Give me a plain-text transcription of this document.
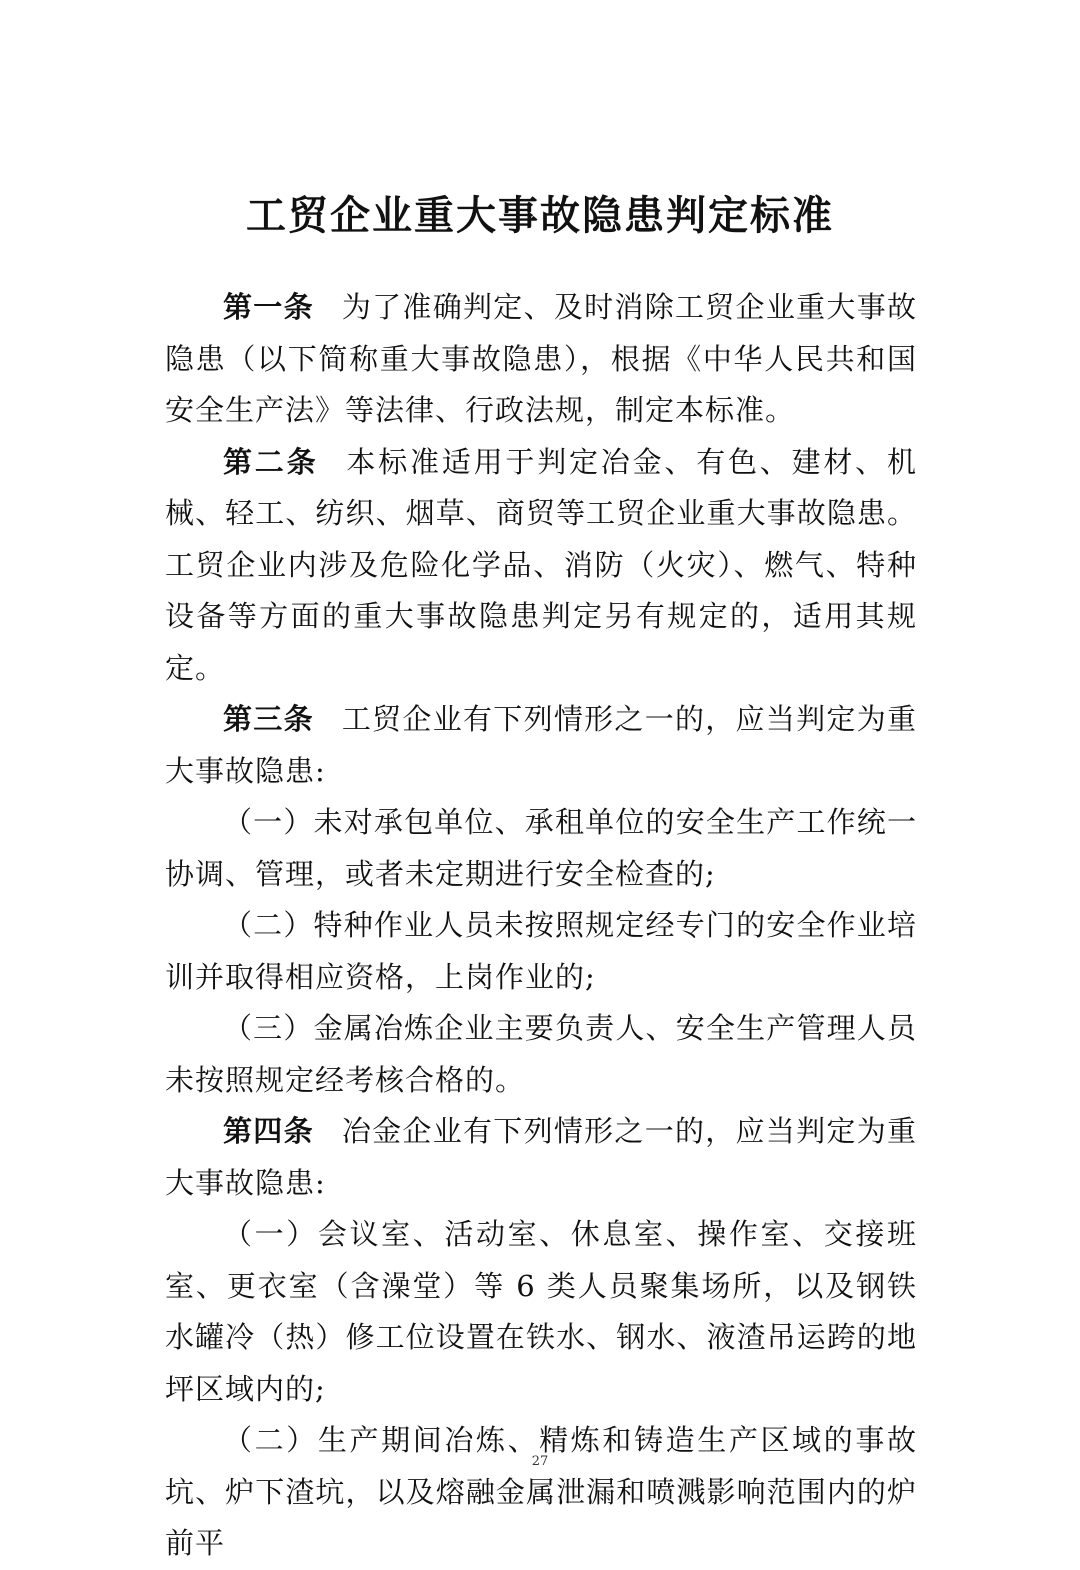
工贸企业重大事故隐患判定标准

第一条 为了准确判定、及时消除工贸企业重大事故隐患（以下简称重大事故隐患），根据《中华人民共和国安全生产法》等法律、行政法规，制定本标准。

第二条 本标准适用于判定冶金、有色、建材、机械、轻工、纺织、烟草、商贸等工贸企业重大事故隐患。工贸企业内涉及危险化学品、消防（火灾）、燃气、特种设备等方面的重大事故隐患判定另有规定的，适用其规定。

第三条 工贸企业有下列情形之一的，应当判定为重大事故隐患:

（一）未对承包单位、承租单位的安全生产工作统一协调、管理，或者未定期进行安全检查的;

（二）特种作业人员未按照规定经专门的安全作业培训并取得相应资格，上岗作业的;

（三）金属冶炼企业主要负责人、安全生产管理人员未按照规定经考核合格的。

第四条 冶金企业有下列情形之一的，应当判定为重大事故隐患:

（一）会议室、活动室、休息室、操作室、交接班室、更衣室（含澡堂）等 6 类人员聚集场所，以及钢铁水罐冷（热）修工位设置在铁水、钢水、液渣吊运跨的地坪区域内的;

（二）生产期间冶炼、精炼和铸造生产区域的事故坑、炉下渣坑，以及熔融金属泄漏和喷溅影响范围内的炉前平

27
